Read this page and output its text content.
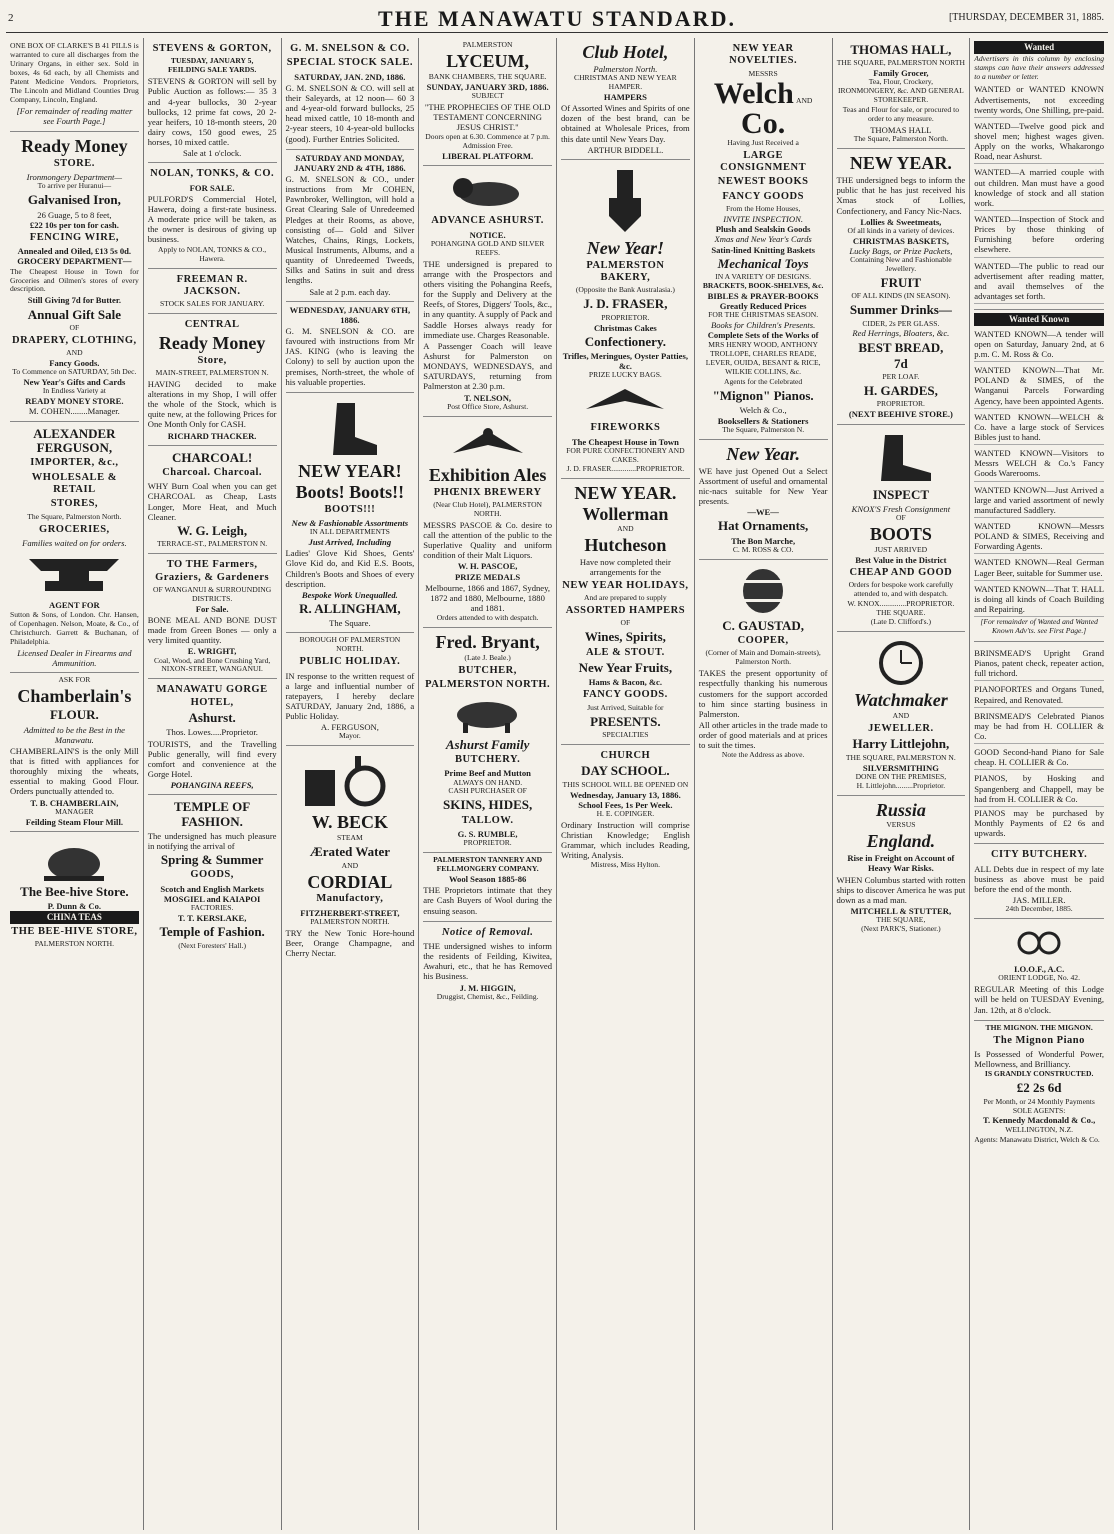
2	THE MANAWATU STANDARD.	[THURSDAY, DECEMBER 31, 1885.

ONE BOX OF CLARKE'S B 41 PILLS is warranted to cure all discharges from the Urinary Organs, in either sex. Sold in boxes, 4s 6d each, by all Chemists and Patent Medicine Vendors. Proprietors, The Lincoln and Midland Counties Drug Company, Lincoln, England.

[For remainder of reading matter see Fourth Page.]

Ready Money
STORE.
Ironmongery Department—
To arrive per Huranui—
Galvanised Iron,
26 Guage, 5 to 8 feet,
£22 10s per ton for cash.
FENCING WIRE,
Annealed and Oiled, £13 5s 0d.
GROCERY DEPARTMENT—

The Cheapest House in Town for Groceries and Oilmen's stores of every description.

Still Giving 7d for Butter.
Annual Gift Sale
OF
DRAPERY, CLOTHING,
AND
Fancy Goods.
To Commence on SATURDAY, 5th Dec.
New Year's Gifts and Cards
In Endless Variety at
READY MONEY STORE.
M. COHEN........Manager.
ALEXANDER FERGUSON,
IMPORTER, &c.,
WHOLESALE & RETAIL
STORES,
The Square, Palmerston North.
GROCERIES,
Families waited on for orders.
AGENT FOR

Sutton & Sons, of London. Chr. Hansen, of Copenhagen. Nelson, Moate, & Co., of Christchurch. Garrett & Buchanan, of Philadelphia.

Licensed Dealer in Firearms and Ammunition.
ASK FOR
Chamberlain's
FLOUR.
Admitted to be the Best in the Manawatu.

CHAMBERLAIN'S is the only Mill that is fitted with appliances for thoroughly mixing the wheats, essential to making Good Flour. Orders punctually attended to.

T. B. CHAMBERLAIN,
MANAGER
Feilding Steam Flour Mill.
The Bee-hive Store.
P. Dunn & Co.
CHINA TEAS
THE BEE-HIVE STORE,
PALMERSTON NORTH.
STEVENS & GORTON,
TUESDAY, JANUARY 5,
FEILDING SALE YARDS.

STEVENS & GORTON will sell by Public Auction as follows:— 35 3 and 4-year bullocks, 30 2-year bullocks, 12 prime fat cows, 20 2-year heifers, 10 18-month steers, 20 dairy cows, 150 good ewes, 25 horses, 10 mixed cattle.

Sale at 1 o'clock.
NOLAN, TONKS, & CO.
FOR SALE.

PULFORD'S Commercial Hotel, Hawera, doing a first-rate business. A moderate price will be taken, as the owner is desirous of giving up business.

Apply to NOLAN, TONKS & CO., Hawera.
FREEMAN R. JACKSON.
STOCK SALES FOR JANUARY.
CENTRAL
Ready Money
Store,
MAIN-STREET, PALMERSTON N.

HAVING decided to make alterations in my Shop, I will offer the whole of the Stock, which is quite new, at the following Prices for One Month Only for CASH.

RICHARD THACKER.
CHARCOAL!
Charcoal. Charcoal.

WHY Burn Coal when you can get CHARCOAL as Cheap, Lasts Longer, More Heat, and Much Cleaner.

W. G. Leigh,
TERRACE-ST., PALMERSTON N.
TO THE Farmers, Graziers, & Gardeners
OF WANGANUI & SURROUNDING DISTRICTS.
For Sale.

BONE MEAL AND BONE DUST made from Green Bones — only a very limited quantity.

E. WRIGHT,
Coal, Wood, and Bone Crushing Yard, NIXON-STREET, WANGANUI.
MANAWATU GORGE HOTEL,
Ashurst.
Thos. Lowes.....Proprietor.

TOURISTS, and the Travelling Public generally, will find every comfort and convenience at the Gorge Hotel.

POHANGINA REEFS,
TEMPLE OF FASHION.

The undersigned has much pleasure in notifying the arrival of

Spring & Summer
GOODS,
Scotch and English Markets
MOSGIEL and KAIAPOI
FACTORIES.
T. T. KERSLAKE,
Temple of Fashion.
(Next Foresters' Hall.)
G. M. SNELSON & CO.
SPECIAL STOCK SALE.
SATURDAY, JAN. 2ND, 1886.

G. M. SNELSON & CO. will sell at their Saleyards, at 12 noon— 60 3 and 4-year-old forward bullocks, 25 head mixed cattle, 10 18-month and 2-year steers, 10 4-year-old bullocks (good). Further Entries Solicited.

SATURDAY AND MONDAY, JANUARY 2ND & 4TH, 1886.

G. M. SNELSON & CO., under instructions from Mr COHEN, Pawnbroker, Wellington, will hold a Great Clearing Sale of Unredeemed Pledges at their Rooms, as above, consisting of— Gold and Silver Watches, Chains, Rings, Lockets, Musical Instruments, Albums, and a quantity of Unredeemed Tweeds, Silks and Satins in suit and dress lengths.

Sale at 2 p.m. each day.
WEDNESDAY, JANUARY 6TH, 1886.

G. M. SNELSON & CO. are favoured with instructions from Mr JAS. KING (who is leaving the Colony) to sell by auction upon the premises, North-street, the whole of his valuable properties.

NEW YEAR!
Boots! Boots!!
BOOTS!!!
New & Fashionable Assortments
IN ALL DEPARTMENTS
Just Arrived, Including

Ladies' Glove Kid Shoes, Gents' Glove Kid do, and Kid E.S. Boots, Children's Boots and Shoes of every description.

Bespoke Work Unequalled.
R. ALLINGHAM,
The Square.
BOROUGH OF PALMERSTON NORTH.
PUBLIC HOLIDAY.

IN response to the written request of a large and influential number of ratepayers, I hereby declare SATURDAY, January 2nd, 1886, a Public Holiday.

A. FERGUSON,
Mayor.
W. BECK
STEAM
Ærated Water
AND
CORDIAL
Manufactory,
FITZHERBERT-STREET,
PALMERSTON NORTH.

TRY the New Tonic Hore-hound Beer, Orange Champagne, and Cherry Nectar.

PALMERSTON
LYCEUM,
BANK CHAMBERS, THE SQUARE.
SUNDAY, JANUARY 3RD, 1886.
SUBJECT

"THE PROPHECIES OF THE OLD TESTAMENT CONCERNING JESUS CHRIST."

Doors open at 6.30. Commence at 7 p.m.
Admission Free.
LIBERAL PLATFORM.
ADVANCE ASHURST.
NOTICE.
POHANGINA GOLD AND SILVER REEFS.

THE undersigned is prepared to arrange with the Prospectors and others visiting the Pohangina Reefs, for the Supply and Delivery at the Reefs, of Stores, Diggers' Tools, &c., in any quantity. A supply of Pack and Saddle Horses always ready for immediate use. Charges Reasonable.

A Passenger Coach will leave Ashurst for Palmerston on MONDAYS, WEDNESDAYS, and SATURDAYS, returning from Palmerston at 2.30 p.m.

T. NELSON,
Post Office Store, Ashurst.
Exhibition Ales
PHŒNIX BREWERY
(Near Club Hotel), PALMERSTON NORTH.

MESSRS PASCOE & Co. desire to call the attention of the public to the Superlative Quality and uniform condition of their Malt Liquors.

W. H. PASCOE,
PRIZE MEDALS

Melbourne, 1866 and 1867, Sydney, 1872 and 1880, Melbourne, 1880 and 1881.

Orders attended to with despatch.
Fred. Bryant,
(Late J. Beale.)
BUTCHER,
PALMERSTON NORTH.
Ashurst Family
BUTCHERY.
Prime Beef and Mutton
ALWAYS ON HAND.
CASH PURCHASER OF
SKINS, HIDES,
TALLOW.
G. S. RUMBLE,
PROPRIETOR.
PALMERSTON TANNERY AND FELLMONGERY COMPANY.
Wool Season 1885-86

THE Proprietors intimate that they are Cash Buyers of Wool during the ensuing season.

Notice of Removal.

THE undersigned wishes to inform the residents of Feilding, Kiwitea, Awahuri, etc., that he has Removed his Business.

J. M. HIGGIN,
Druggist, Chemist, &c., Feilding.
Club Hotel,
Palmerston North.
CHRISTMAS AND NEW YEAR HAMPER.
HAMPERS

Of Assorted Wines and Spirits of one dozen of the best brand, can be obtained at Wholesale Prices, from this date until New Years Day.

ARTHUR BIDDELL.
New Year!
PALMERSTON BAKERY,
(Opposite the Bank Australasia.)
J. D. FRASER,
PROPRIETOR.
Christmas Cakes
Confectionery.
Trifles, Meringues, Oyster Patties, &c.
PRIZE LUCKY BAGS.
FIREWORKS
The Cheapest House in Town
FOR PURE CONFECTIONERY AND CAKES.
J. D. FRASER.............PROPRIETOR.
NEW YEAR.
Wollerman
AND
Hutcheson

Have now completed their arrangements for the

NEW YEAR HOLIDAYS,
And are prepared to supply
ASSORTED HAMPERS
OF
Wines, Spirits,
ALE & STOUT.
New Year Fruits,
Hams & Bacon, &c.
FANCY GOODS.
Just Arrived, Suitable for
PRESENTS.
SPECIALTIES
CHURCH
DAY SCHOOL.
THIS SCHOOL WILL BE OPENED ON
Wednesday, January 13, 1886.
School Fees, 1s Per Week.
H. E. COPINGER.

Ordinary Instruction will comprise Christian Knowledge; English Grammar, which includes Reading, Writing, Analysis.

Mistress, Miss Hylton.
NEW YEAR NOVELTIES.
MESSRS
Welch AND Co.
Having Just Received a
LARGE CONSIGNMENT
NEWEST BOOKS
FANCY GOODS
From the Home Houses,
INVITE INSPECTION.
Plush and Sealskin Goods
Xmas and New Year's Cards
Satin-lined Knitting Baskets
Mechanical Toys
IN A VARIETY OF DESIGNS.
BRACKETS, BOOK-SHELVES, &c.
BIBLES & PRAYER-BOOKS
Greatly Reduced Prices
FOR THE CHRISTMAS SEASON.
Books for Children's Presents.
Complete Sets of the Works of

MRS HENRY WOOD, ANTHONY TROLLOPE, CHARLES READE, LEVER, OUIDA, BESANT & RICE, WILKIE COLLINS, &c.

Agents for the Celebrated
"Mignon" Pianos.
Welch & Co.,
Booksellers & Stationers
The Square, Palmerston N.
New Year.

WE have just Opened Out a Select Assortment of useful and ornamental nic-nacs suitable for New Year presents.

—WE—
Hat Ornaments,
The Bon Marche,
C. M. ROSS & CO.
C. GAUSTAD,
COOPER,
(Corner of Main and Domain-streets), Palmerston North.

TAKES the present opportunity of respectfully thanking his numerous customers for the support accorded to him since starting business in Palmerston.

All other articles in the trade made to order of good materials and at prices to suit the times.

Note the Address as above.
THOMAS HALL,
THE SQUARE, PALMERSTON NORTH
Family Grocer,
Tea, Flour, Crockery,
IRONMONGERY, &c. AND GENERAL
STOREKEEPER.

Teas and Flour for sale, or procured to order to any measure.

THOMAS HALL
The Square, Palmerston North.
NEW YEAR.

THE undersigned begs to inform the public that he has just received his Xmas stock of Lollies, Confectionery, and Fancy Nic-Nacs.

Lollies & Sweetmeats,
Of all kinds in a variety of devices.
CHRISTMAS BASKETS,
Lucky Bags, or Prize Packets,
Containing New and Fashionable Jewellery.
FRUIT
OF ALL KINDS (IN SEASON).
Summer Drinks—
CIDER, 2s PER GLASS.
Red Herrings, Bloaters, &c.
BEST BREAD,
7d
PER LOAF.
H. GARDES,
PROPRIETOR.
(NEXT BEEHIVE STORE.)
INSPECT
KNOX'S Fresh Consignment
OF
BOOTS
JUST ARRIVED
Best Value in the District
CHEAP AND GOOD

Orders for bespoke work carefully attended to, and with despatch.

W. KNOX..............PROPRIETOR.
THE SQUARE.
(Late D. Clifford's.)
Watchmaker
AND
JEWELLER.
Harry Littlejohn,
THE SQUARE, PALMERSTON N.
SILVERSMITHING
DONE ON THE PREMISES,
H. Littlejohn.........Proprietor.
Russia
VERSUS
England.
Rise in Freight on Account of Heavy War Risks.

WHEN Columbus started with rotten ships to discover America he was put down as a mad man.

MITCHELL & STUTTER,
THE SQUARE,
(Next PARK'S, Stationer.)
Wanted

Advertisers in this column by enclosing stamps can have their answers addressed to a number or letter.

WANTED or WANTED KNOWN Advertisements, not exceeding twenty words, One Shilling, pre-paid.

WANTED—Twelve good pick and shovel men; highest wages given. Apply on the works, Whakarongo Road, near Ashurst.

WANTED—A married couple with out children. Man must have a good knowledge of stock and all station work.

WANTED—Inspection of Stock and Prices by those thinking of Furnishing before ordering elsewhere.

WANTED—The public to read our advertisement after reading matter, and avail themselves of the advantages set forth.

Wanted Known

WANTED KNOWN—A tender will open on Saturday, January 2nd, at 6 p.m. C. M. Ross & Co.

WANTED KNOWN—That Mr. POLAND & SIMES, of the Wanganui Parcels Forwarding Agency, have been appointed Agents.

WANTED KNOWN—WELCH & Co. have a large stock of Services Bibles just to hand.

WANTED KNOWN—Visitors to Messrs WELCH & Co.'s Fancy Goods Warerooms.

WANTED KNOWN—Just Arrived a large and varied assortment of newly manufactured Saddlery.

WANTED KNOWN—Messrs POLAND & SIMES, Receiving and Forwarding Agents.

WANTED KNOWN—Real German Lager Beer, suitable for Summer use.

WANTED KNOWN—That T. HALL is doing all kinds of Coach Building and Repairing.

[For remainder of Wanted and Wanted Known Adv'ts. see First Page.]

BRINSMEAD'S Upright Grand Pianos, patent check, repeater action, full trichord.

PIANOFORTES and Organs Tuned, Repaired, and Renovated.

BRINSMEAD'S Celebrated Pianos may be had from H. COLLIER & Co.

GOOD Second-hand Piano for Sale cheap. H. COLLIER & Co.

PIANOS, by Hosking and Spangenberg and Chappell, may be had from H. COLLIER & Co.

PIANOS may be purchased by Monthly Payments of £2 6s and upwards.

CITY BUTCHERY.

ALL Debts due in respect of my late business as above must be paid before the end of the month.

JAS. MILLER.
24th December, 1885.
I.O.O.F., A.C.
ORIENT LODGE, No. 42.

REGULAR Meeting of this Lodge will be held on TUESDAY Evening, Jan. 12th, at 8 o'clock.

THE MIGNON. THE MIGNON.
The Mignon Piano

Is Possessed of Wonderful Power, Mellowness, and Brilliancy.

IS GRANDLY CONSTRUCTED.
£2 2s 6d
Per Month, or 24 Monthly Payments
SOLE AGENTS:
T. Kennedy Macdonald & Co.,
WELLINGTON, N.Z.

Agents: Manawatu District, Welch & Co.
